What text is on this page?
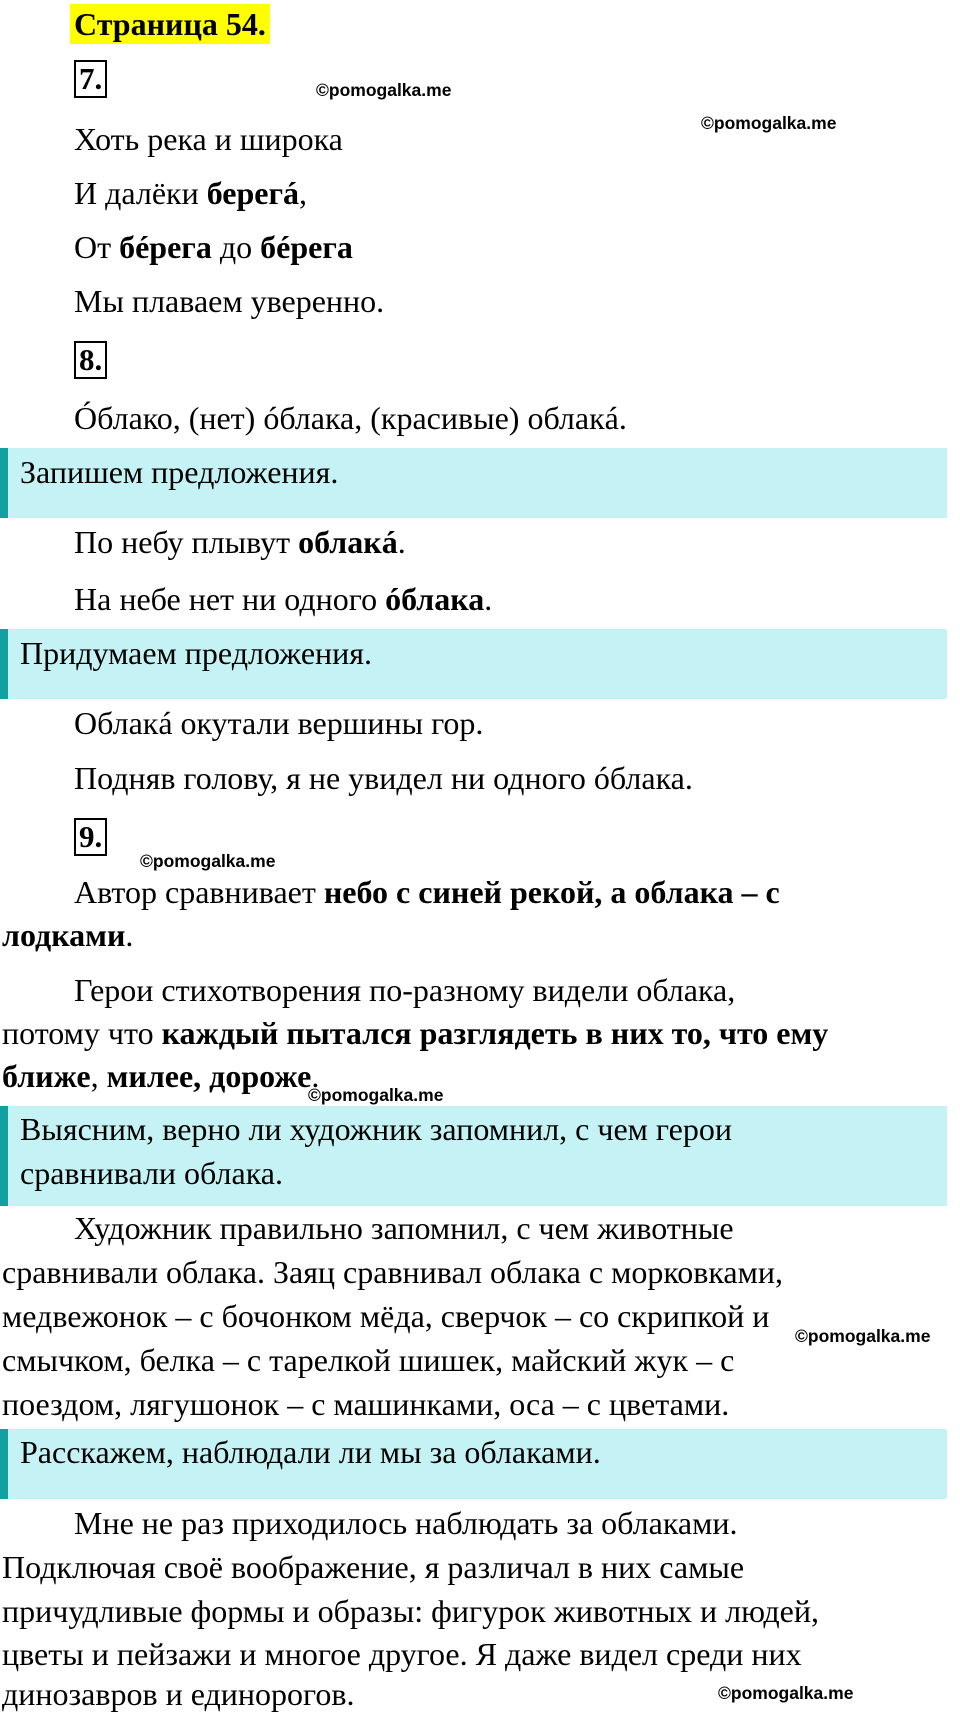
Страница 54.
7.	©pomogalka.me
©pomogalka.me
Хоть река и широка
И далёки берегá,
От бéрега до бéрега
Мы плаваем уверенно.
8.
Óблако, (нет) óблака, (красивые) облакá.
Запишем предложения.
По небу плывут облакá.
На небе нет ни одного óблака.
Придумаем предложения.
Облакá окутали вершины гор.
Подняв голову, я не увидел ни одного óблака.
9.
©pomogalka.me
Автор сравнивает небо с синей рекой, а облака – с
лодками.
Герои стихотворения по-разному видели облака,
потому что каждый пытался разглядеть в них то, что ему
ближе, милее, дороже.
©pomogalka.me
Выясним, верно ли художник запомнил, с чем герои
сравнивали облака.
Художник правильно запомнил, с чем животные
сравнивали облака. Заяц сравнивал облака с морковками,
медвежонок – с бочонком мёда, сверчок – со скрипкой и
смычком, белка – с тарелкой шишек, майский жук – с
поездом, лягушонок – с машинками, оса – с цветами.
©pomogalka.me
Расскажем, наблюдали ли мы за облаками.
Мне не раз приходилось наблюдать за облаками.
Подключая своё воображение, я различал в них самые
причудливые формы и образы: фигурок животных и людей,
цветы и пейзажи и многое другое. Я даже видел среди них
динозавров и единорогов.	©pomogalka.me
